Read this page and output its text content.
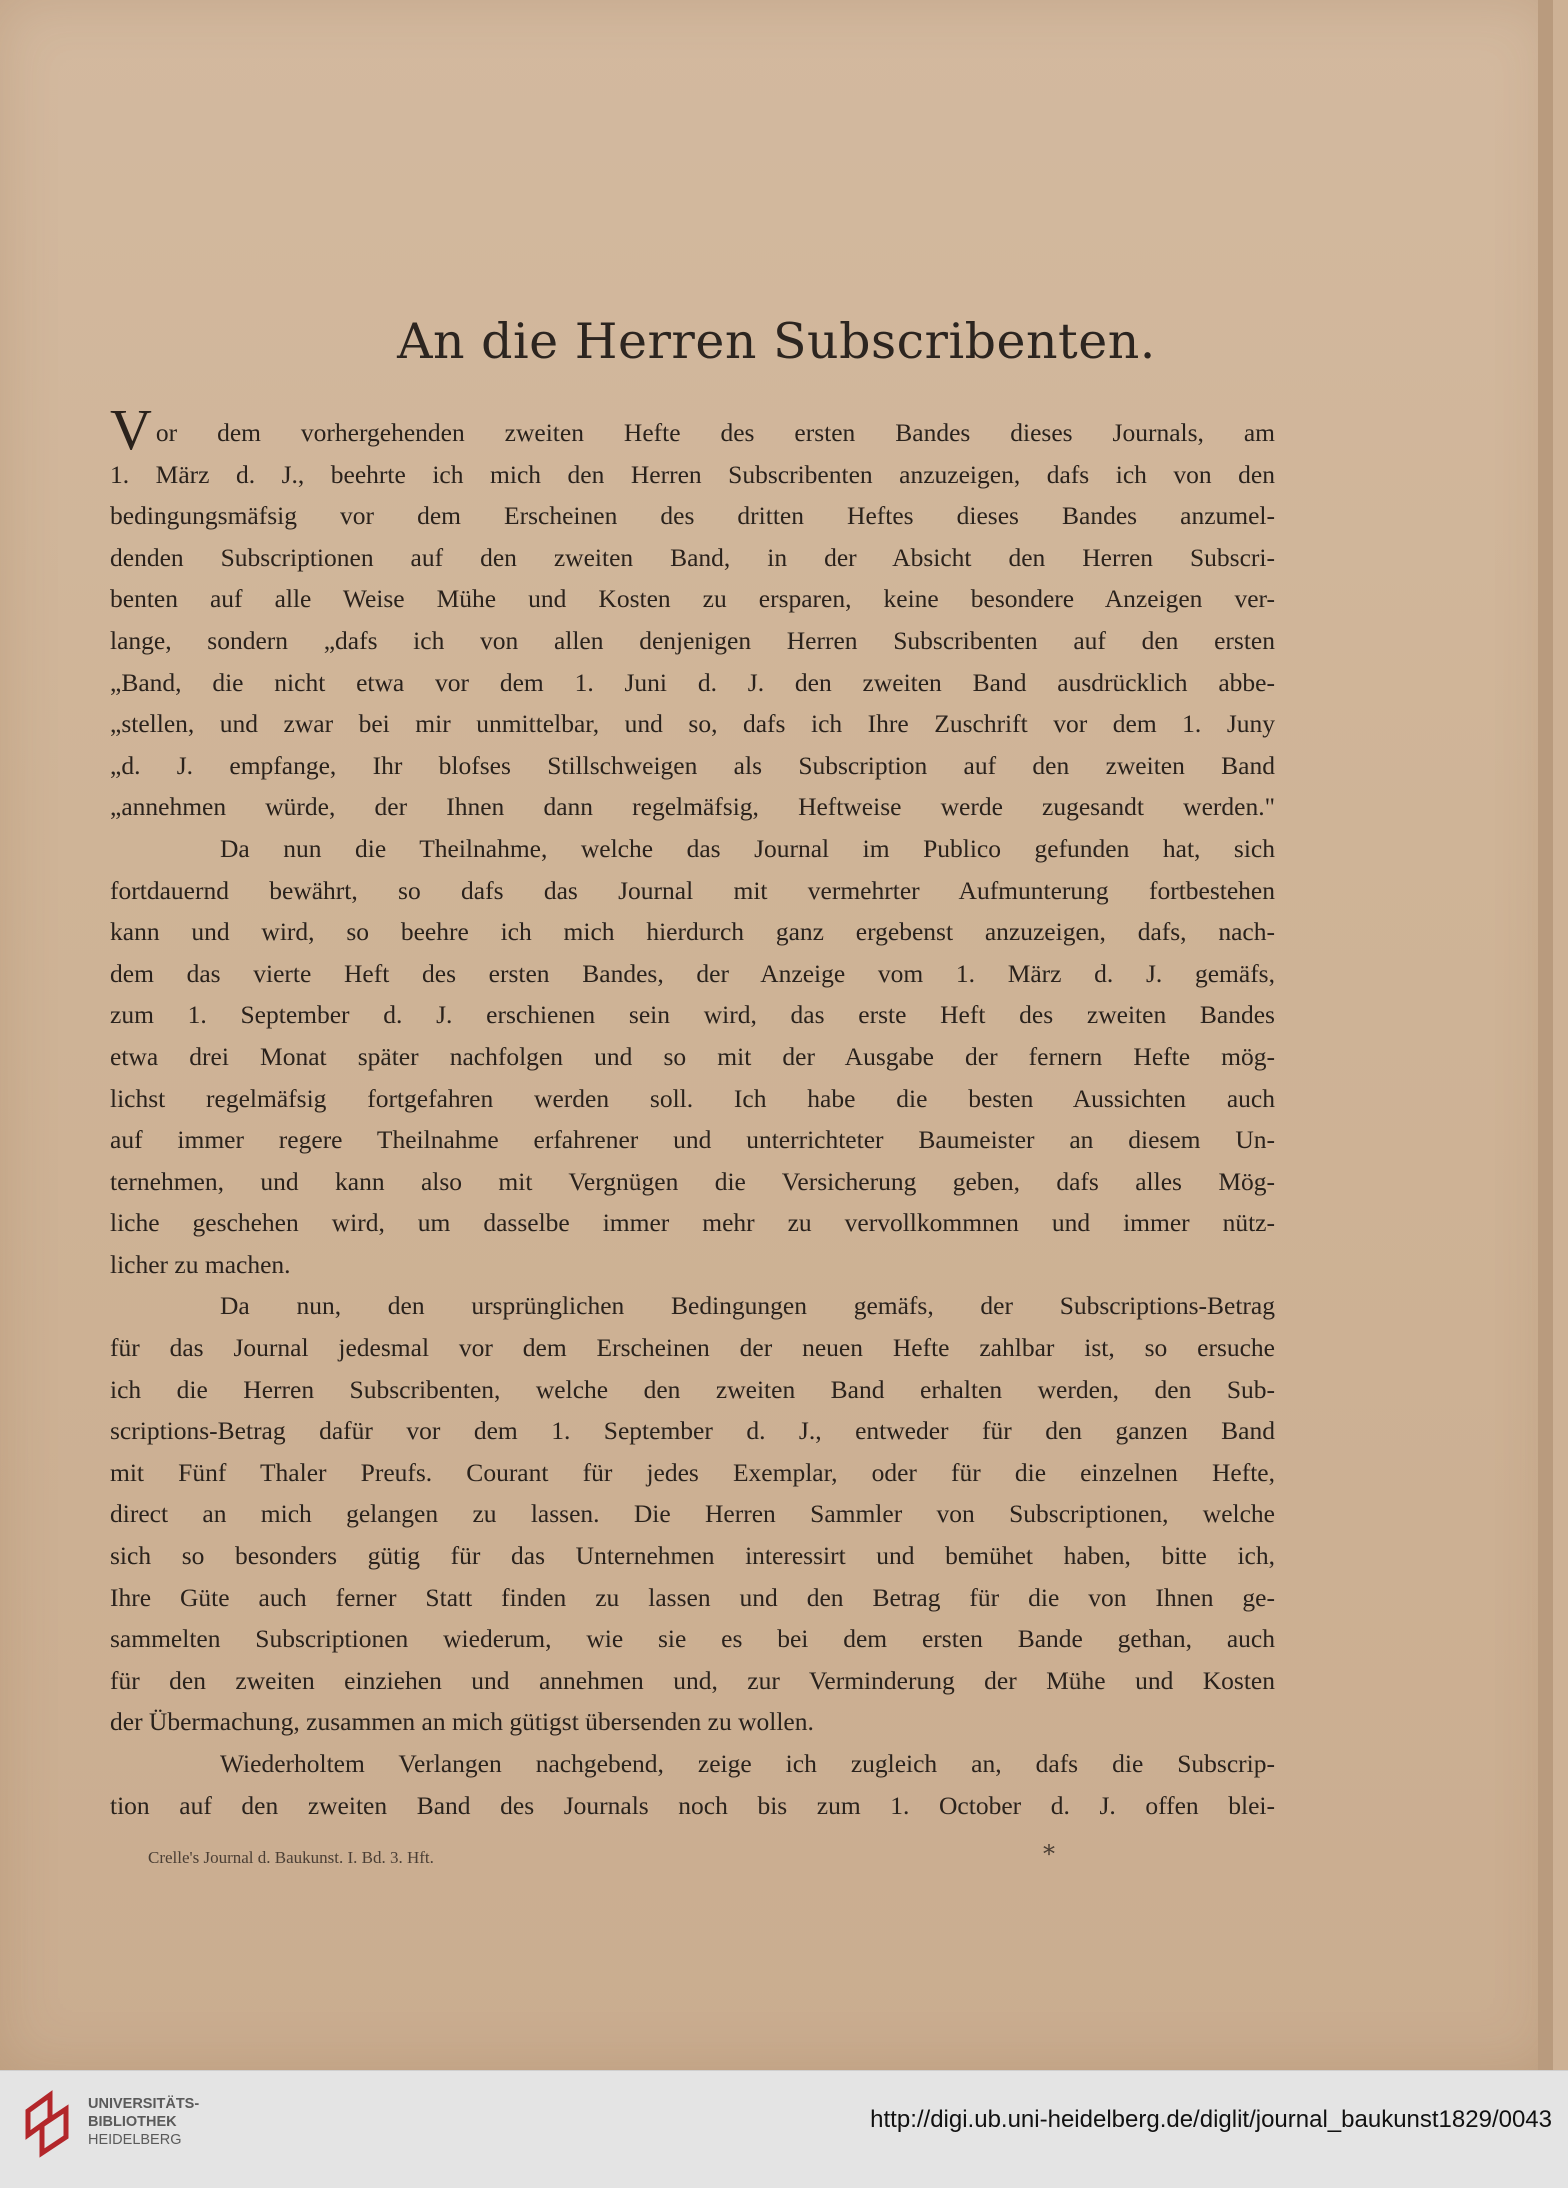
An die Herren Subscribenten.
Vor dem vorhergehenden zweiten Hefte des ersten Bandes dieses Journals, am
1. März d. J., beehrte ich mich den Herren Subscribenten anzuzeigen, dafs ich von den
bedingungsmäfsig vor dem Erscheinen des dritten Heftes dieses Bandes anzumel-
denden Subscriptionen auf den zweiten Band, in der Absicht den Herren Subscri-
benten auf alle Weise Mühe und Kosten zu ersparen, keine besondere Anzeigen ver-
lange, sondern „dafs ich von allen denjenigen Herren Subscribenten auf den ersten
„Band, die nicht etwa vor dem 1. Juni d. J. den zweiten Band ausdrücklich abbe-
„stellen, und zwar bei mir unmittelbar, und so, dafs ich Ihre Zuschrift vor dem 1. Juny
„d. J. empfange, Ihr blofses Stillschweigen als Subscription auf den zweiten Band
„annehmen würde, der Ihnen dann regelmäfsig, Heftweise werde zugesandt werden."
Da nun die Theilnahme, welche das Journal im Publico gefunden hat, sich
fortdauernd bewährt, so dafs das Journal mit vermehrter Aufmunterung fortbestehen
kann und wird, so beehre ich mich hierdurch ganz ergebenst anzuzeigen, dafs, nach-
dem das vierte Heft des ersten Bandes, der Anzeige vom 1. März d. J. gemäfs,
zum 1. September d. J. erschienen sein wird, das erste Heft des zweiten Bandes
etwa drei Monat später nachfolgen und so mit der Ausgabe der fernern Hefte mög-
lichst regelmäfsig fortgefahren werden soll. Ich habe die besten Aussichten auch
auf immer regere Theilnahme erfahrener und unterrichteter Baumeister an diesem Un-
ternehmen, und kann also mit Vergnügen die Versicherung geben, dafs alles Mög-
liche geschehen wird, um dasselbe immer mehr zu vervollkommnen und immer nütz-
licher zu machen.
Da nun, den ursprünglichen Bedingungen gemäfs, der Subscriptions-Betrag
für das Journal jedesmal vor dem Erscheinen der neuen Hefte zahlbar ist, so ersuche
ich die Herren Subscribenten, welche den zweiten Band erhalten werden, den Sub-
scriptions-Betrag dafür vor dem 1. September d. J., entweder für den ganzen Band
mit Fünf Thaler Preufs. Courant für jedes Exemplar, oder für die einzelnen Hefte,
direct an mich gelangen zu lassen. Die Herren Sammler von Subscriptionen, welche
sich so besonders gütig für das Unternehmen interessirt und bemühet haben, bitte ich,
Ihre Güte auch ferner Statt finden zu lassen und den Betrag für die von Ihnen ge-
sammelten Subscriptionen wiederum, wie sie es bei dem ersten Bande gethan, auch
für den zweiten einziehen und annehmen und, zur Verminderung der Mühe und Kosten
der Übermachung, zusammen an mich gütigst übersenden zu wollen.
Wiederholtem Verlangen nachgebend, zeige ich zugleich an, dafs die Subscrip-
tion auf den zweiten Band des Journals noch bis zum 1. October d. J. offen blei-
Crelle's Journal d. Baukunst. I. Bd. 3. Hft.	*
UNIVERSITÄTS-
BIBLIOTHEK
HEIDELBERG
http://digi.ub.uni-heidelberg.de/diglit/journal_baukunst1829/0043
